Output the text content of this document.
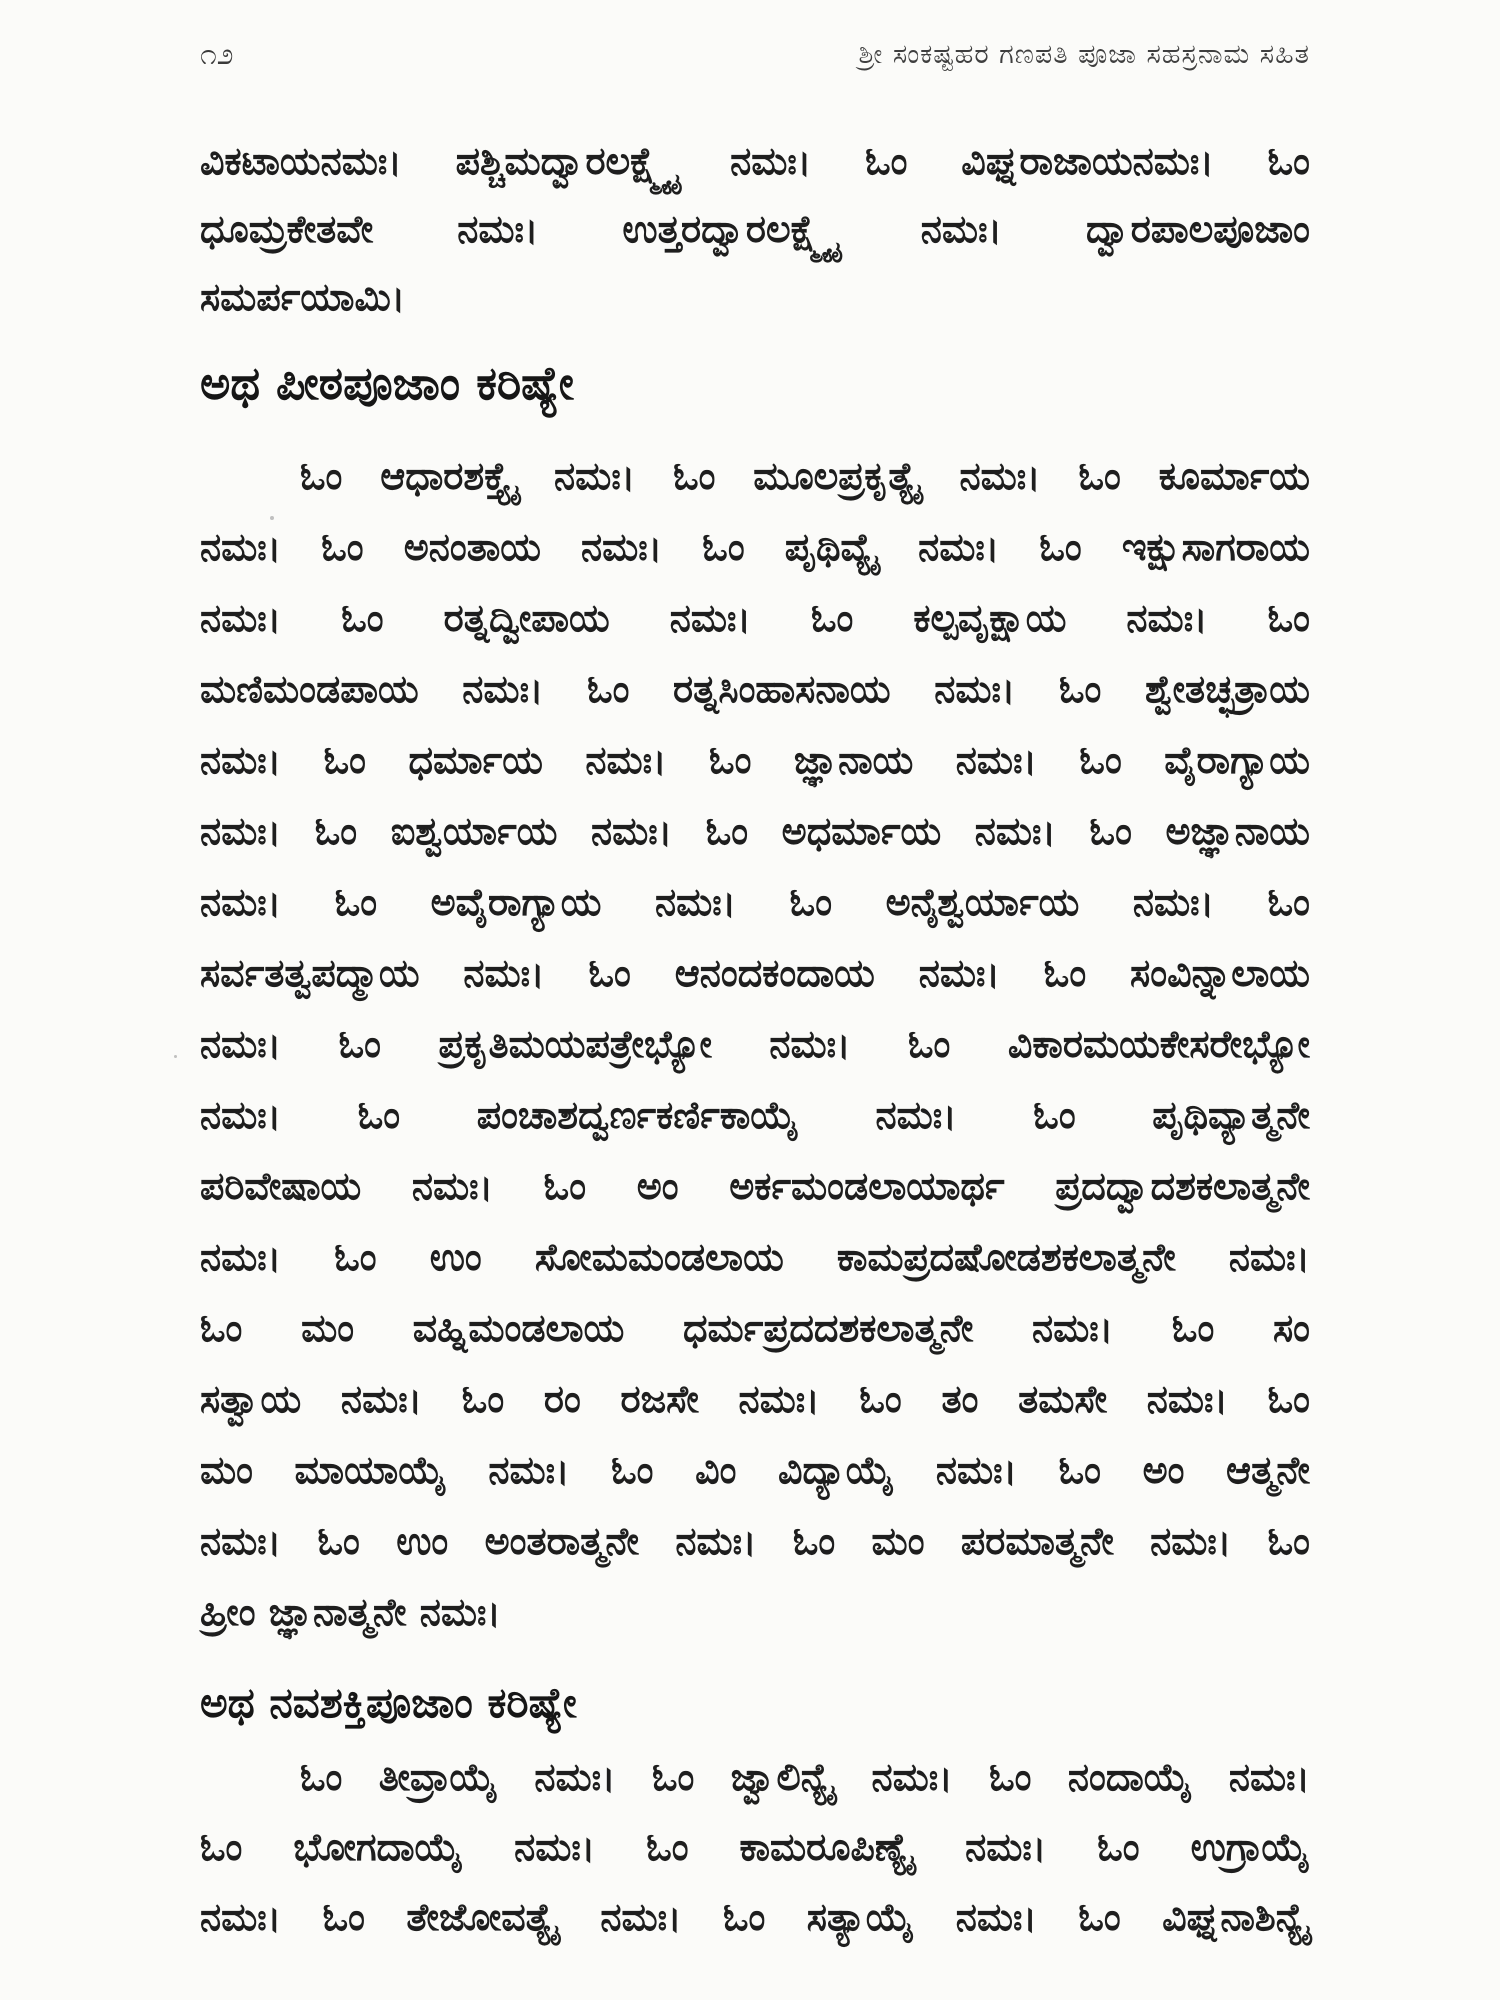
೧೨	ಶ್ರೀ ಸಂಕಷ್ಟಹರ ಗಣಪತಿ ಪೂಜಾ ಸಹಸ್ರನಾಮ ಸಹಿತ
ವಿಕಟಾಯನಮಃ। ಪಶ್ಚಿಮದ್ವಾರಲಕ್ಷ್ಮ್ಯೈ ನಮಃ। ಓಂ ವಿಘ್ನರಾಜಾಯನಮಃ। ಓಂ
ಧೂಮ್ರಕೇತವೇ ನಮಃ। ಉತ್ತರದ್ವಾರಲಕ್ಷ್ಮ್ಯೈ ನಮಃ। ದ್ವಾರಪಾಲಪೂಜಾಂ
ಸಮರ್ಪಯಾಮಿ।
ಅಥ ಪೀಠಪೂಜಾಂ ಕರಿಷ್ಯೇ
ಓಂ ಆಧಾರಶಕ್ತ್ಯೈ ನಮಃ। ಓಂ ಮೂಲಪ್ರಕೃತ್ಯೈ ನಮಃ। ಓಂ ಕೂರ್ಮಾಯ
ನಮಃ। ಓಂ ಅನಂತಾಯ ನಮಃ। ಓಂ ಪೃಥಿವ್ಯೈ ನಮಃ। ಓಂ ಇಕ್ಷುಸಾಗರಾಯ
ನಮಃ। ಓಂ ರತ್ನದ್ವೀಪಾಯ ನಮಃ। ಓಂ ಕಲ್ಪವೃಕ್ಷಾಯ ನಮಃ। ಓಂ
ಮಣಿಮಂಡಪಾಯ ನಮಃ। ಓಂ ರತ್ನಸಿಂಹಾಸನಾಯ ನಮಃ। ಓಂ ಶ್ವೇತಚ್ಛತ್ರಾಯ
ನಮಃ। ಓಂ ಧರ್ಮಾಯ ನಮಃ। ಓಂ ಜ್ಞಾನಾಯ ನಮಃ। ಓಂ ವೈರಾಗ್ಯಾಯ
ನಮಃ। ಓಂ ಐಶ್ವರ್ಯಾಯ ನಮಃ। ಓಂ ಅಧರ್ಮಾಯ ನಮಃ। ಓಂ ಅಜ್ಞಾನಾಯ
ನಮಃ। ಓಂ ಅವೈರಾಗ್ಯಾಯ ನಮಃ। ಓಂ ಅನೈಶ್ವರ್ಯಾಯ ನಮಃ। ಓಂ
ಸರ್ವತತ್ವಪದ್ಮಾಯ ನಮಃ। ಓಂ ಆನಂದಕಂದಾಯ ನಮಃ। ಓಂ ಸಂವಿನ್ನಾಲಾಯ
ನಮಃ। ಓಂ ಪ್ರಕೃತಿಮಯಪತ್ರೇಭ್ಯೋ ನಮಃ। ಓಂ ವಿಕಾರಮಯಕೇಸರೇಭ್ಯೋ
ನಮಃ। ಓಂ ಪಂಚಾಶದ್ವರ್ಣಕರ್ಣಿಕಾಯೈ ನಮಃ। ಓಂ ಪೃಥಿವ್ಯಾತ್ಮನೇ
ಪರಿವೇಷಾಯ ನಮಃ। ಓಂ ಅಂ ಅರ್ಕಮಂಡಲಾಯಾರ್ಥ ಪ್ರದದ್ವಾದಶಕಲಾತ್ಮನೇ
ನಮಃ। ಓಂ ಉಂ ಸೋಮಮಂಡಲಾಯ ಕಾಮಪ್ರದಷೋಡಶಕಲಾತ್ಮನೇ ನಮಃ।
ಓಂ ಮಂ ವಹ್ನಿಮಂಡಲಾಯ ಧರ್ಮಪ್ರದದಶಕಲಾತ್ಮನೇ ನಮಃ। ಓಂ ಸಂ
ಸತ್ವಾಯ ನಮಃ। ಓಂ ರಂ ರಜಸೇ ನಮಃ। ಓಂ ತಂ ತಮಸೇ ನಮಃ। ಓಂ
ಮಂ ಮಾಯಾಯೈ ನಮಃ। ಓಂ ವಿಂ ವಿದ್ಯಾಯೈ ನಮಃ। ಓಂ ಅಂ ಆತ್ಮನೇ
ನಮಃ। ಓಂ ಉಂ ಅಂತರಾತ್ಮನೇ ನಮಃ। ಓಂ ಮಂ ಪರಮಾತ್ಮನೇ ನಮಃ। ಓಂ
ಹ್ರೀಂ ಜ್ಞಾನಾತ್ಮನೇ ನಮಃ।
ಅಥ ನವಶಕ್ತಿಪೂಜಾಂ ಕರಿಷ್ಯೇ
ಓಂ ತೀವ್ರಾಯೈ ನಮಃ। ಓಂ ಜ್ವಾಲಿನ್ಯೈ ನಮಃ। ಓಂ ನಂದಾಯೈ ನಮಃ।
ಓಂ ಭೋಗದಾಯೈ ನಮಃ। ಓಂ ಕಾಮರೂಪಿಣ್ಯೈ ನಮಃ। ಓಂ ಉಗ್ರಾಯೈ
ನಮಃ। ಓಂ ತೇಜೋವತ್ಯೈ ನಮಃ। ಓಂ ಸತ್ಯಾಯೈ ನಮಃ। ಓಂ ವಿಘ್ನನಾಶಿನ್ಯೈ
